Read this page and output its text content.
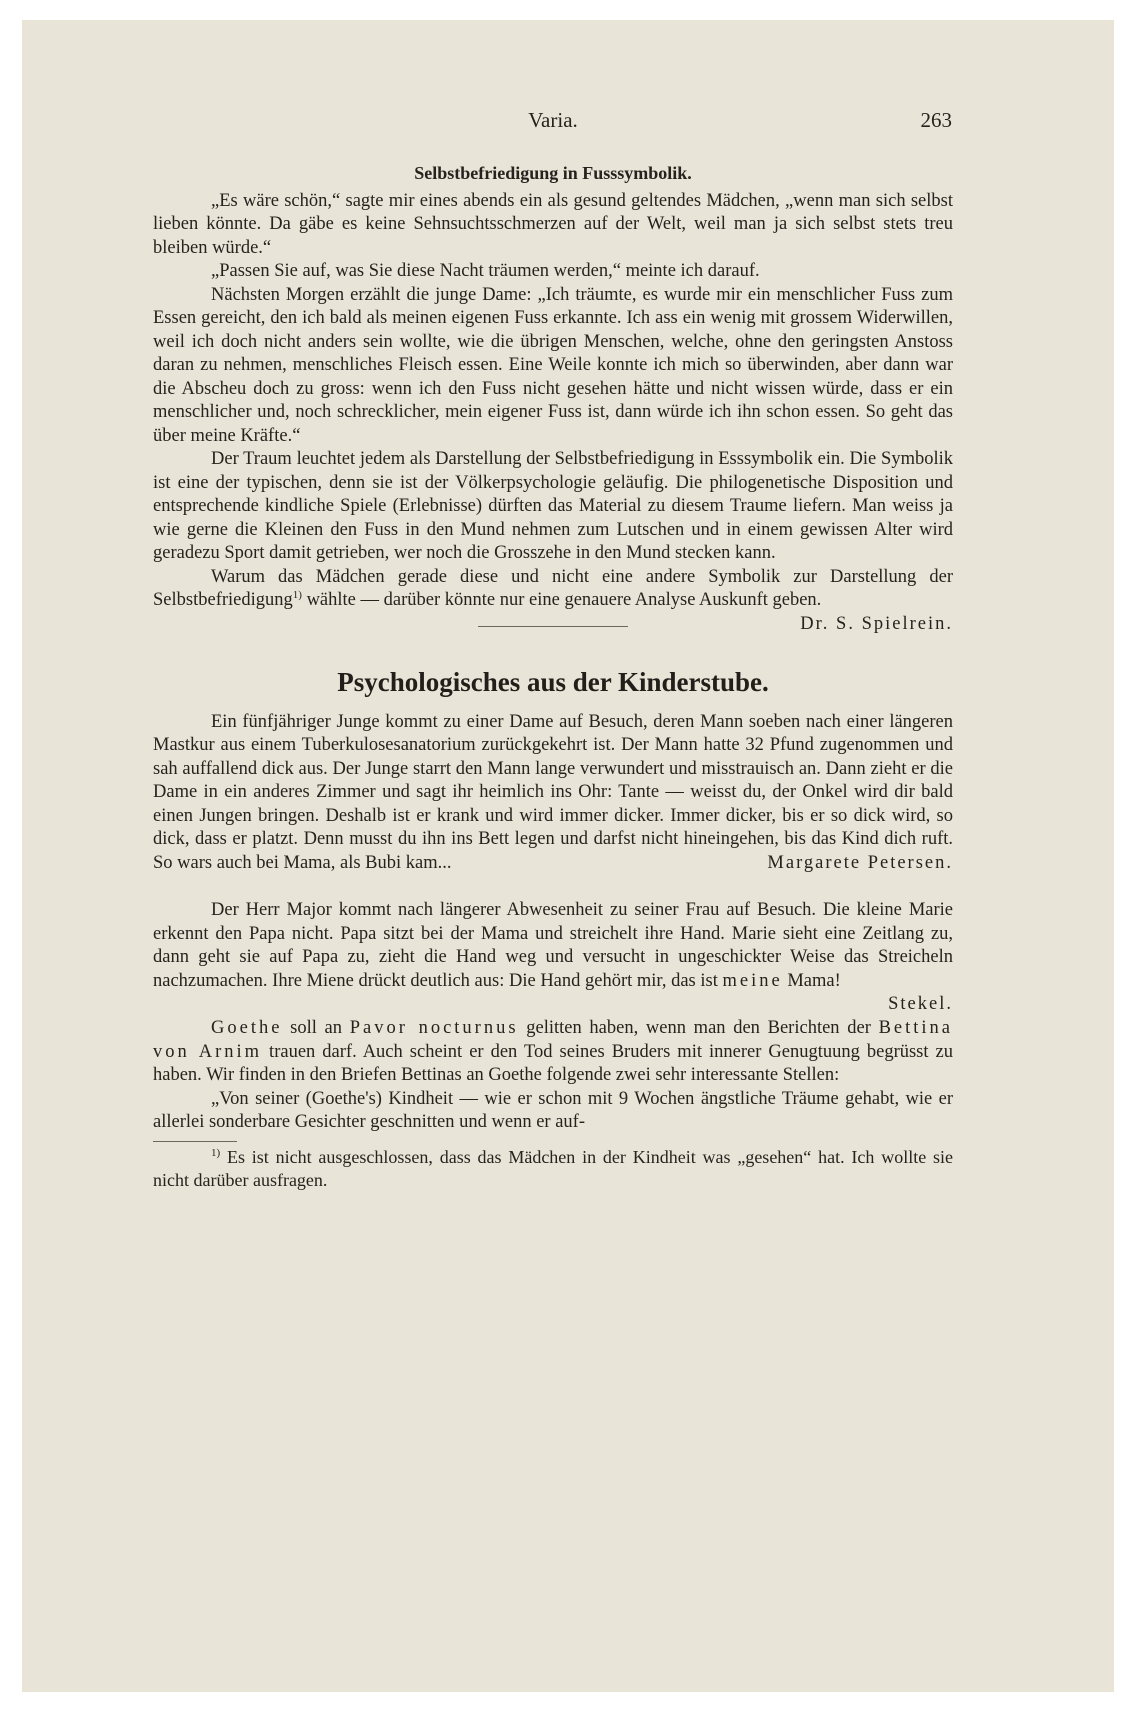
Varia.	263
Selbstbefriedigung in Fusssymbolik.

„Es wäre schön,“ sagte mir eines abends ein als gesund geltendes Mädchen, „wenn man sich selbst lieben könnte. Da gäbe es keine Sehnsuchtsschmerzen auf der Welt, weil man ja sich selbst stets treu bleiben würde.“

„Passen Sie auf, was Sie diese Nacht träumen werden,“ meinte ich darauf.

Nächsten Morgen erzählt die junge Dame: „Ich träumte, es wurde mir ein menschlicher Fuss zum Essen gereicht, den ich bald als meinen eigenen Fuss erkannte. Ich ass ein wenig mit grossem Widerwillen, weil ich doch nicht anders sein wollte, wie die übrigen Menschen, welche, ohne den geringsten Anstoss daran zu nehmen, menschliches Fleisch essen. Eine Weile konnte ich mich so überwinden, aber dann war die Abscheu doch zu gross: wenn ich den Fuss nicht gesehen hätte und nicht wissen würde, dass er ein menschlicher und, noch schrecklicher, mein eigener Fuss ist, dann würde ich ihn schon essen. So geht das über meine Kräfte.“

Der Traum leuchtet jedem als Darstellung der Selbstbefriedigung in Esssymbolik ein. Die Symbolik ist eine der typischen, denn sie ist der Völkerpsychologie geläufig. Die philogenetische Disposition und entsprechende kindliche Spiele (Erlebnisse) dürften das Material zu diesem Traume liefern. Man weiss ja wie gerne die Kleinen den Fuss in den Mund nehmen zum Lutschen und in einem gewissen Alter wird geradezu Sport damit getrieben, wer noch die Grosszehe in den Mund stecken kann.

Warum das Mädchen gerade diese und nicht eine andere Symbolik zur Darstellung der Selbstbefriedigung$^{1)}$ wählte — darüber könnte nur eine genauere Analyse Auskunft geben.
Dr. S. Spielrein.

Psychologisches aus der Kinderstube.

Ein fünfjähriger Junge kommt zu einer Dame auf Besuch, deren Mann soeben nach einer längeren Mastkur aus einem Tuberkulosesanatorium zurückgekehrt ist. Der Mann hatte 32 Pfund zugenommen und sah auffallend dick aus. Der Junge starrt den Mann lange verwundert und misstrauisch an. Dann zieht er die Dame in ein anderes Zimmer und sagt ihr heimlich ins Ohr: Tante — weisst du, der Onkel wird dir bald einen Jungen bringen. Deshalb ist er krank und wird immer dicker. Immer dicker, bis er so dick wird, so dick, dass er platzt. Denn musst du ihn ins Bett legen und darfst nicht hineingehen, bis das Kind dich ruft. So wars auch bei Mama, als Bubi kam...	Margarete Petersen.

Der Herr Major kommt nach längerer Abwesenheit zu seiner Frau auf Besuch. Die kleine Marie erkennt den Papa nicht. Papa sitzt bei der Mama und streichelt ihre Hand. Marie sieht eine Zeitlang zu, dann geht sie auf Papa zu, zieht die Hand weg und versucht in ungeschickter Weise das Streicheln nachzumachen. Ihre Miene drückt deutlich aus: Die Hand gehört mir, das ist meine Mama!
Stekel.

Goethe soll an Pavor nocturnus gelitten haben, wenn man den Berichten der Bettina von Arnim trauen darf. Auch scheint er den Tod seines Bruders mit innerer Genugtuung begrüsst zu haben. Wir finden in den Briefen Bettinas an Goethe folgende zwei sehr interessante Stellen:

„Von seiner (Goethe's) Kindheit — wie er schon mit 9 Wochen ängstliche Träume gehabt, wie er allerlei sonderbare Gesichter geschnitten und wenn er auf-

$^{1)}$ Es ist nicht ausgeschlossen, dass das Mädchen in der Kindheit was „gesehen“ hat. Ich wollte sie nicht darüber ausfragen.
